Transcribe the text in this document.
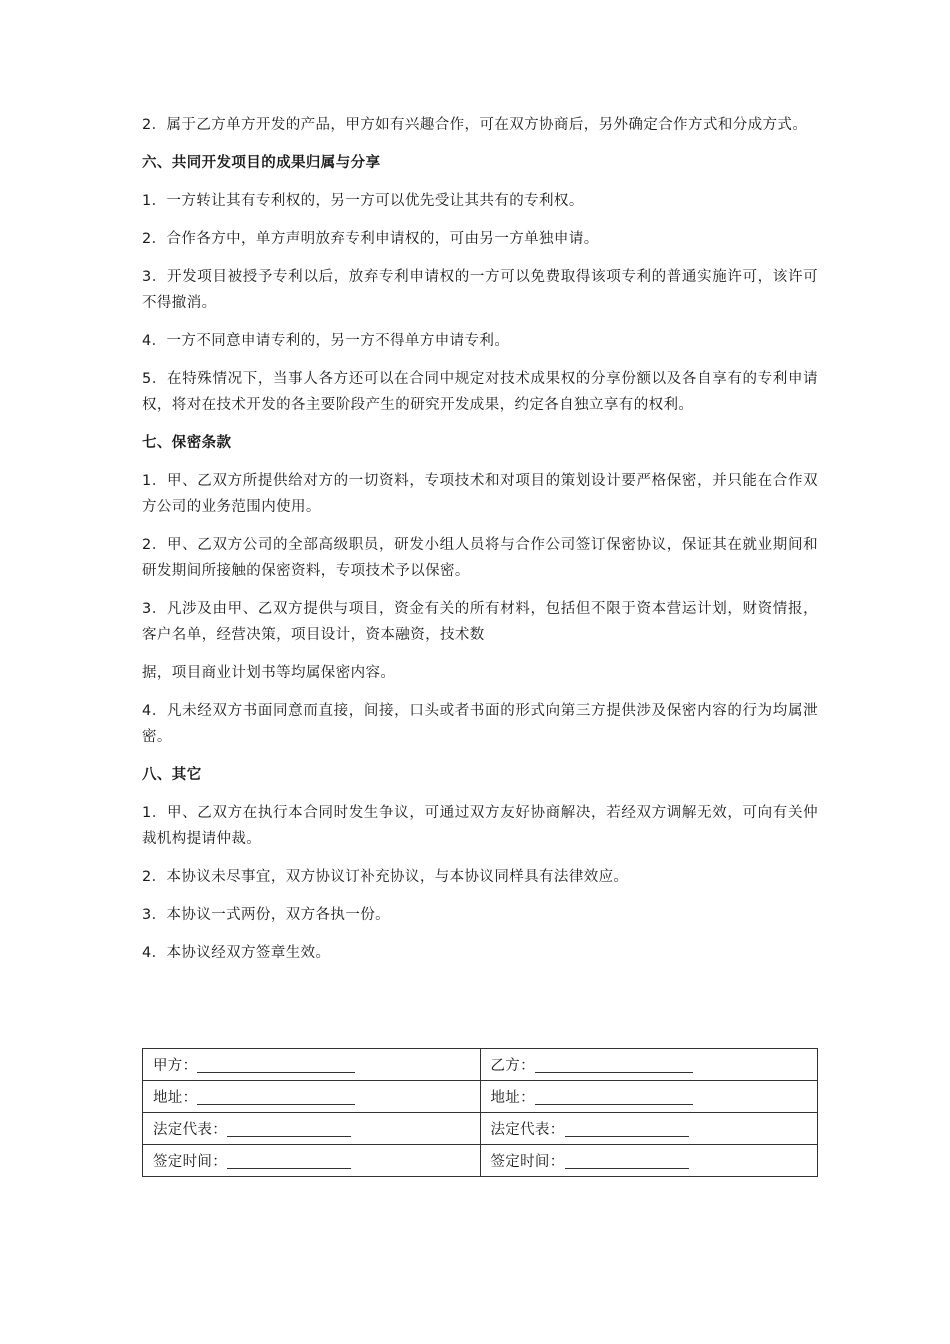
2．属于乙方单方开发的产品，甲方如有兴趣合作，可在双方协商后，另外确定合作方式和分成方式。

六、共同开发项目的成果归属与分享

1．一方转让其有专利权的，另一方可以优先受让其共有的专利权。

2．合作各方中，单方声明放弃专利申请权的，可由另一方单独申请。

3．开发项目被授予专利以后，放弃专利申请权的一方可以免费取得该项专利的普通实施许可，该许可不得撤消。

4．一方不同意申请专利的，另一方不得单方申请专利。

5．在特殊情况下，当事人各方还可以在合同中规定对技术成果权的分享份额以及各自享有的专利申请权，将对在技术开发的各主要阶段产生的研究开发成果，约定各自独立享有的权利。

七、保密条款

1．甲、乙双方所提供给对方的一切资料，专项技术和对项目的策划设计要严格保密，并只能在合作双方公司的业务范围内使用。

2．甲、乙双方公司的全部高级职员，研发小组人员将与合作公司签订保密协议，保证其在就业期间和研发期间所接触的保密资料，专项技术予以保密。

3．凡涉及由甲、乙双方提供与项目，资金有关的所有材料，包括但不限于资本营运计划，财资情报，客户名单，经营决策，项目设计，资本融资，技术数

据，项目商业计划书等均属保密内容。

4．凡未经双方书面同意而直接，间接，口头或者书面的形式向第三方提供涉及保密内容的行为均属泄密。

八、其它

1．甲、乙双方在执行本合同时发生争议，可通过双方友好协商解决，若经双方调解无效，可向有关仲裁机构提请仲裁。

2．本协议未尽事宜，双方协议订补充协议，与本协议同样具有法律效应。

3．本协议一式两份，双方各执一份。

4．本协议经双方签章生效。

甲方：	乙方：
地址：	地址：
法定代表：	法定代表：
签定时间：	签定时间：
